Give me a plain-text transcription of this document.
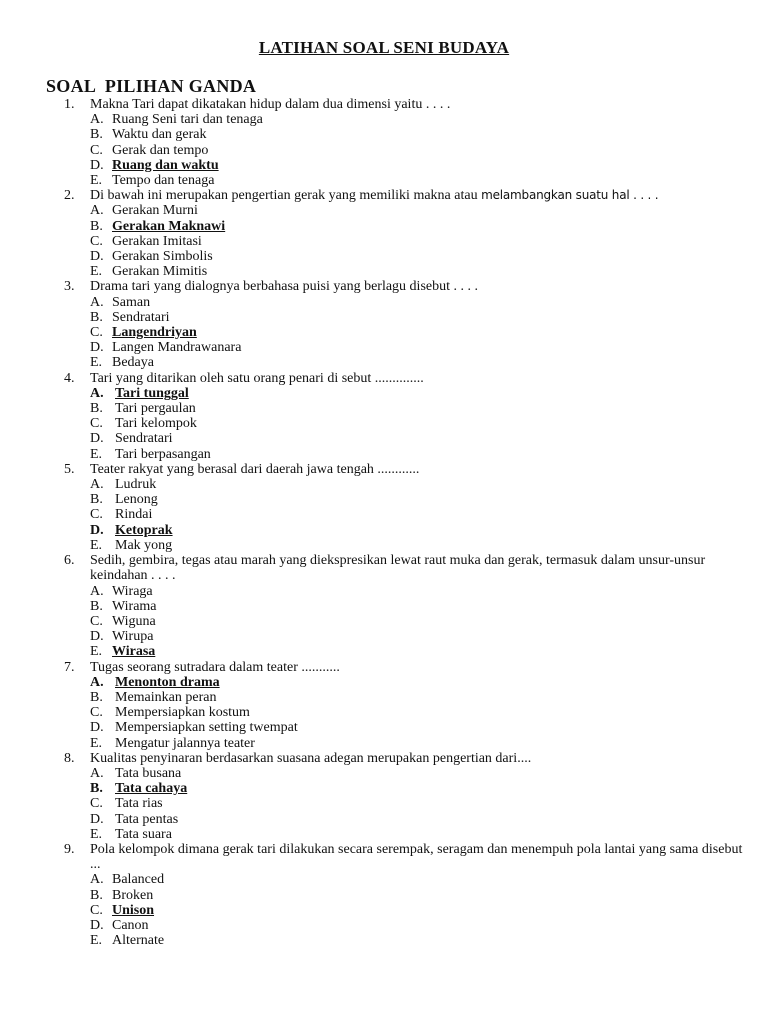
LATIHAN SOAL SENI BUDAYA
SOAL  PILIHAN GANDA
1.	Makna Tari dapat dikatakan hidup dalam dua dimensi yaitu . . . .
A. Ruang Seni tari dan tenaga
B. Waktu dan gerak
C. Gerak dan tempo
D. Ruang dan waktu
E. Tempo dan tenaga
2.	Di bawah ini merupakan pengertian gerak yang memiliki makna atau melambangkan suatu hal . . . .
A. Gerakan Murni
B. Gerakan Maknawi
C. Gerakan Imitasi
D. Gerakan Simbolis
E. Gerakan Mimitis
3.	Drama tari yang dialognya berbahasa puisi yang berlagu disebut . . . .
A. Saman
B. Sendratari
C. Langendriyan
D. Langen Mandrawanara
E. Bedaya
4.	Tari yang ditarikan oleh satu orang penari di sebut ..............
A. Tari tunggal
B. Tari pergaulan
C. Tari kelompok
D. Sendratari
E. Tari berpasangan
5.	Teater rakyat yang berasal dari daerah jawa tengah ............
A. Ludruk
B. Lenong
C. Rindai
D. Ketoprak
E. Mak yong
6.	Sedih, gembira, tegas atau marah yang diekspresikan lewat raut muka dan gerak, termasuk dalam unsur-unsur keindahan . . . .
A. Wiraga
B. Wirama
C. Wiguna
D. Wirupa
E. Wirasa
7.	Tugas seorang sutradara dalam teater ...........
A. Menonton drama
B. Memainkan peran
C. Mempersiapkan kostum
D. Mempersiapkan setting twempat
E. Mengatur jalannya teater
8.	Kualitas penyinaran berdasarkan suasana adegan merupakan pengertian dari....
A. Tata busana
B. Tata cahaya
C. Tata rias
D. Tata pentas
E. Tata suara
9.	Pola kelompok dimana gerak tari dilakukan secara serempak, seragam dan menempuh pola lantai yang sama disebut ...
A. Balanced
B. Broken
C. Unison
D. Canon
E. Alternate
